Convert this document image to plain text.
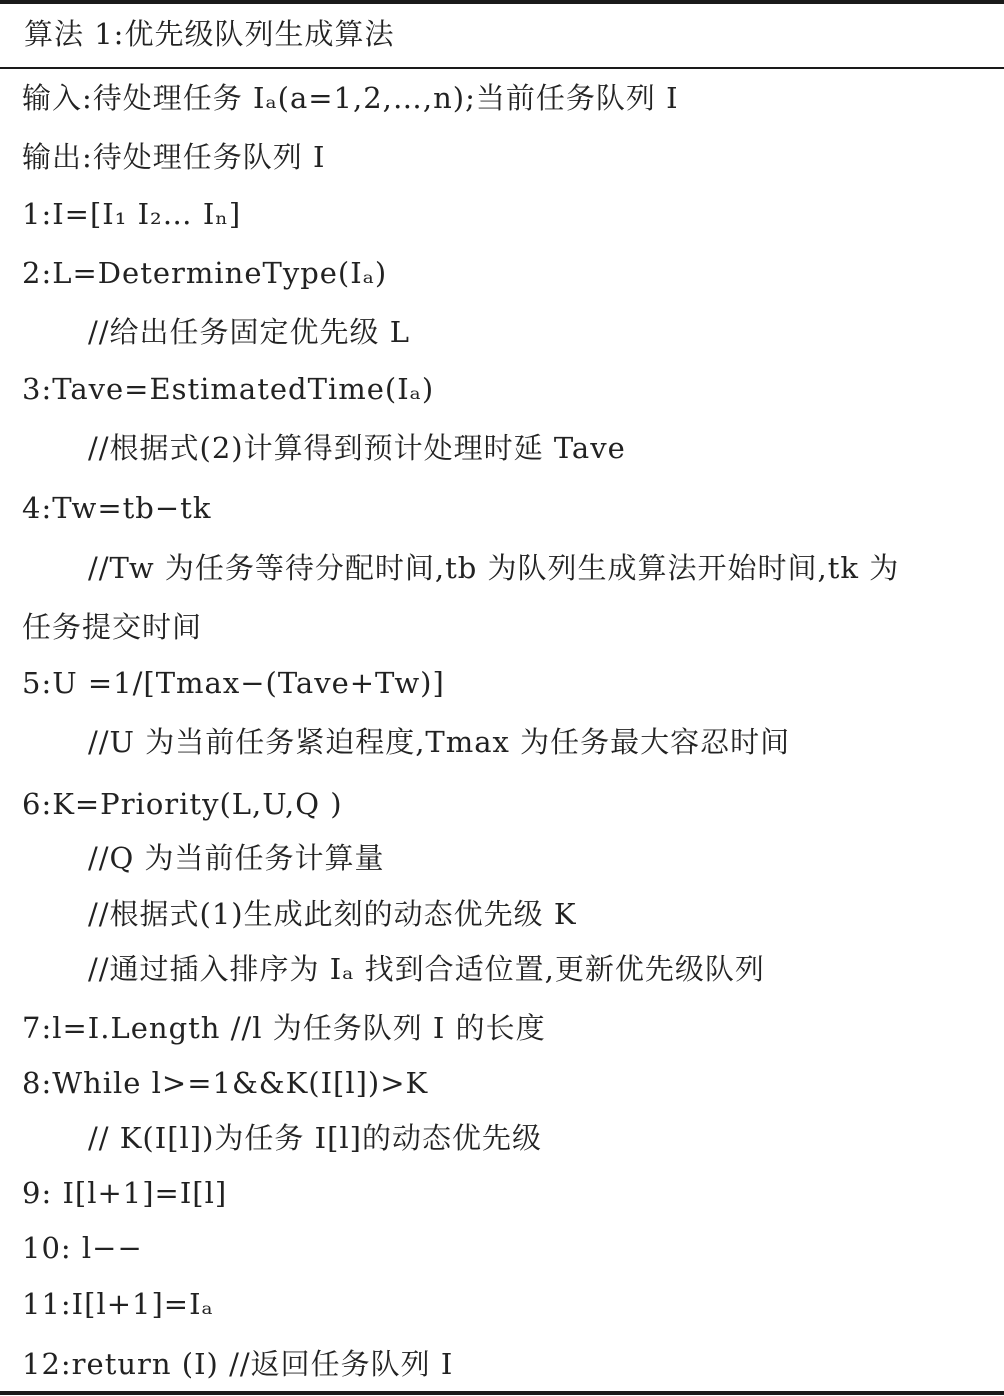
算法 1:优先级队列生成算法
输入:待处理任务 Iₐ(a=1,2,…,n);当前任务队列 I
输出:待处理任务队列 I
1:I=[I₁ I₂… Iₙ]
2:L=DetermineType(Iₐ)
//给出任务固定优先级 L
3:Tave=EstimatedTime(Iₐ)
//根据式(2)计算得到预计处理时延 Tave
4:Tw=tb−tk
//Tw 为任务等待分配时间,tb 为队列生成算法开始时间,tk 为
任务提交时间
5:U =1/[Tmax−(Tave+Tw)]
//U 为当前任务紧迫程度,Tmax 为任务最大容忍时间
6:K=Priority(L,U,Q )
//Q 为当前任务计算量
//根据式(1)生成此刻的动态优先级 K
//通过插入排序为 Iₐ 找到合适位置,更新优先级队列
7:l=I.Length //l 为任务队列 I 的长度
8:While l>=1&&K(I[l])>K
// K(I[l])为任务 I[l]的动态优先级
9: I[l+1]=I[l]
10: l−−
11:I[l+1]=Iₐ
12:return (I) //返回任务队列 I
